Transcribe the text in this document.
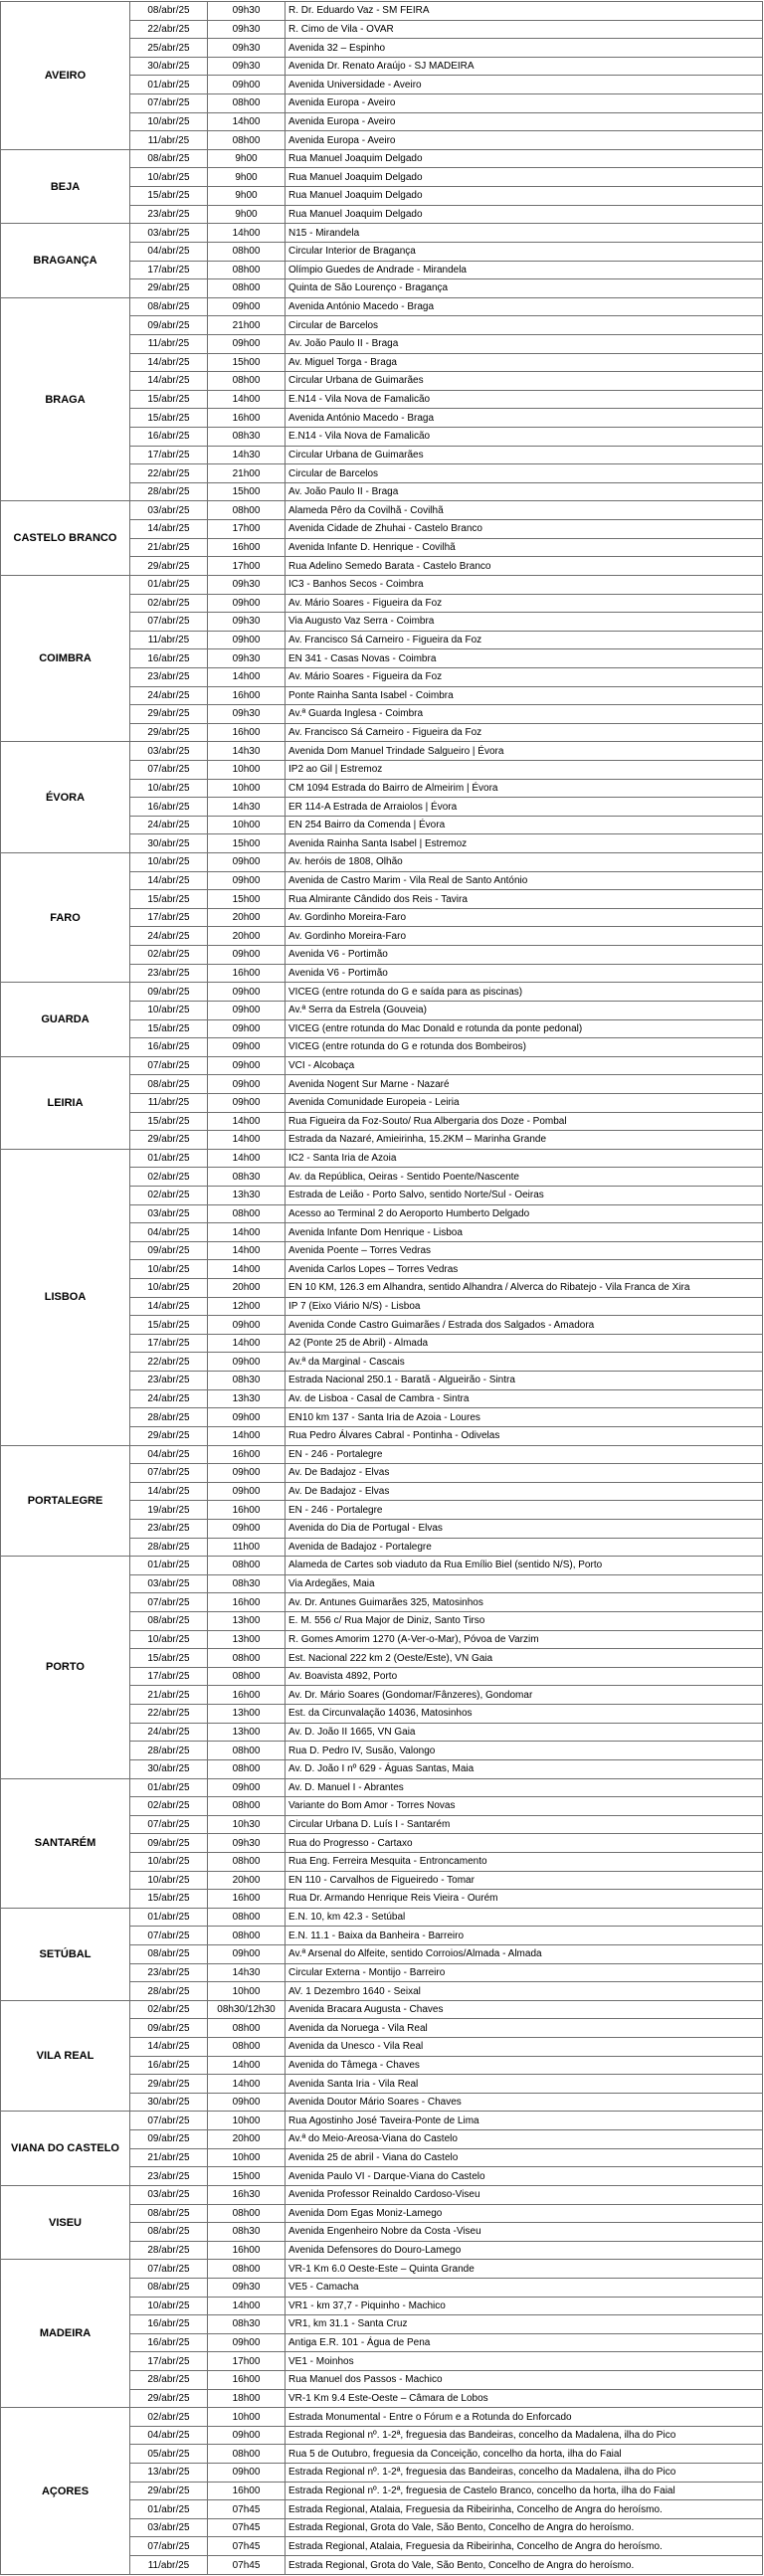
AVEIRO	08/abr/25	09h30	R. Dr. Eduardo Vaz - SM FEIRA
	22/abr/25	09h30	R. Cimo de Vila - OVAR
	25/abr/25	09h30	Avenida 32 – Espinho
	30/abr/25	09h30	Avenida Dr. Renato Araújo - SJ MADEIRA
	01/abr/25	09h00	Avenida Universidade - Aveiro
	07/abr/25	08h00	Avenida Europa - Aveiro
	10/abr/25	14h00	Avenida Europa - Aveiro
	11/abr/25	08h00	Avenida Europa - Aveiro
BEJA	08/abr/25	9h00	Rua Manuel Joaquim Delgado
	10/abr/25	9h00	Rua Manuel Joaquim Delgado
	15/abr/25	9h00	Rua Manuel Joaquim Delgado
	23/abr/25	9h00	Rua Manuel Joaquim Delgado
BRAGANÇA	03/abr/25	14h00	N15 - Mirandela
	04/abr/25	08h00	Circular Interior de Bragança
	17/abr/25	08h00	Olímpio Guedes de Andrade - Mirandela
	29/abr/25	08h00	Quinta de São Lourenço - Bragança
BRAGA	08/abr/25	09h00	Avenida António Macedo - Braga
	09/abr/25	21h00	Circular de Barcelos
	11/abr/25	09h00	Av. João Paulo II - Braga
	14/abr/25	15h00	Av. Miguel Torga - Braga
	14/abr/25	08h00	Circular Urbana de Guimarães
	15/abr/25	14h00	E.N14 - Vila Nova de Famalicão
	15/abr/25	16h00	Avenida António Macedo - Braga
	16/abr/25	08h30	E.N14 - Vila Nova de Famalicão
	17/abr/25	14h30	Circular Urbana de Guimarães
	22/abr/25	21h00	Circular de Barcelos
	28/abr/25	15h00	Av. João Paulo II - Braga
CASTELO BRANCO	03/abr/25	08h00	Alameda Pêro da Covilhã - Covilhã
	14/abr/25	17h00	Avenida Cidade de Zhuhai - Castelo Branco
	21/abr/25	16h00	Avenida Infante D. Henrique - Covilhã
	29/abr/25	17h00	Rua Adelino Semedo Barata - Castelo Branco
COIMBRA	01/abr/25	09h30	IC3 - Banhos Secos - Coimbra
	02/abr/25	09h00	Av. Mário Soares - Figueira da Foz
	07/abr/25	09h30	Via Augusto Vaz Serra - Coimbra
	11/abr/25	09h00	Av. Francisco Sá Carneiro - Figueira da Foz
	16/abr/25	09h30	EN 341 - Casas Novas - Coimbra
	23/abr/25	14h00	Av. Mário Soares - Figueira da Foz
	24/abr/25	16h00	Ponte Rainha Santa Isabel - Coimbra
	29/abr/25	09h30	Av.ª Guarda Inglesa - Coimbra
	29/abr/25	16h00	Av. Francisco Sá Carneiro - Figueira da Foz
ÉVORA	03/abr/25	14h30	Avenida Dom Manuel Trindade Salgueiro | Évora
	07/abr/25	10h00	IP2 ao Gil | Estremoz
	10/abr/25	10h00	CM 1094 Estrada do Bairro de Almeirim | Évora
	16/abr/25	14h30	ER 114-A Estrada de Arraiolos | Évora
	24/abr/25	10h00	EN 254 Bairro da Comenda | Évora
	30/abr/25	15h00	Avenida Rainha Santa Isabel | Estremoz
FARO	10/abr/25	09h00	Av. heróis de 1808, Olhão
	14/abr/25	09h00	Avenida de Castro Marim - Vila Real de Santo António
	15/abr/25	15h00	Rua Almirante Cândido dos Reis - Tavira
	17/abr/25	20h00	Av. Gordinho Moreira-Faro
	24/abr/25	20h00	Av. Gordinho Moreira-Faro
	02/abr/25	09h00	Avenida V6 - Portimão
	23/abr/25	16h00	Avenida V6 - Portimão
GUARDA	09/abr/25	09h00	VICEG (entre rotunda do G e saída para as piscinas)
	10/abr/25	09h00	Av.ª Serra da Estrela (Gouveia)
	15/abr/25	09h00	VICEG (entre rotunda do Mac Donald e rotunda da ponte pedonal)
	16/abr/25	09h00	VICEG (entre rotunda do G e rotunda dos Bombeiros)
LEIRIA	07/abr/25	09h00	VCI - Alcobaça
	08/abr/25	09h00	Avenida Nogent Sur Marne - Nazaré
	11/abr/25	09h00	Avenida Comunidade Europeia - Leiria
	15/abr/25	14h00	Rua Figueira da Foz-Souto/ Rua Albergaria dos Doze - Pombal
	29/abr/25	14h00	Estrada da Nazaré, Amieirinha, 15.2KM – Marinha Grande
LISBOA	01/abr/25	14h00	IC2 - Santa Iria de Azoia
	02/abr/25	08h30	Av. da República, Oeiras - Sentido Poente/Nascente
	02/abr/25	13h30	Estrada de Leião - Porto Salvo, sentido Norte/Sul - Oeiras
	03/abr/25	08h00	Acesso ao Terminal 2 do Aeroporto Humberto Delgado
	04/abr/25	14h00	Avenida Infante Dom Henrique - Lisboa
	09/abr/25	14h00	Avenida Poente – Torres Vedras
	10/abr/25	14h00	Avenida Carlos Lopes – Torres Vedras
	10/abr/25	20h00	EN 10 KM, 126.3 em Alhandra, sentido Alhandra / Alverca do Ribatejo - Vila Franca de Xira
	14/abr/25	12h00	IP 7 (Eixo Viário N/S) - Lisboa
	15/abr/25	09h00	Avenida Conde Castro Guimarães / Estrada dos Salgados - Amadora
	17/abr/25	14h00	A2 (Ponte 25 de Abril) - Almada
	22/abr/25	09h00	Av.ª da Marginal - Cascais
	23/abr/25	08h30	Estrada Nacional 250.1 - Baratã - Algueirão - Sintra
	24/abr/25	13h30	Av. de Lisboa - Casal de Cambra - Sintra
	28/abr/25	09h00	EN10 km 137 - Santa Iria de Azoia - Loures
	29/abr/25	14h00	Rua Pedro Álvares Cabral - Pontinha - Odivelas
PORTALEGRE	04/abr/25	16h00	EN - 246 - Portalegre
	07/abr/25	09h00	Av. De Badajoz - Elvas
	14/abr/25	09h00	Av. De Badajoz - Elvas
	19/abr/25	16h00	EN - 246 - Portalegre
	23/abr/25	09h00	Avenida do Dia de Portugal - Elvas
	28/abr/25	11h00	Avenida de Badajoz - Portalegre
PORTO	01/abr/25	08h00	Alameda de Cartes sob viaduto da Rua Emílio Biel (sentido N/S), Porto
	03/abr/25	08h30	Via Ardegães, Maia
	07/abr/25	16h00	Av. Dr. Antunes Guimarães 325, Matosinhos
	08/abr/25	13h00	E. M. 556 c/ Rua Major de Diniz, Santo Tirso
	10/abr/25	13h00	R. Gomes Amorim 1270 (A-Ver-o-Mar), Póvoa de Varzim
	15/abr/25	08h00	Est. Nacional 222 km 2 (Oeste/Este), VN Gaia
	17/abr/25	08h00	Av. Boavista 4892, Porto
	21/abr/25	16h00	Av. Dr. Mário Soares (Gondomar/Fânzeres), Gondomar
	22/abr/25	13h00	Est. da Circunvalação 14036, Matosinhos
	24/abr/25	13h00	Av. D. João II 1665, VN Gaia
	28/abr/25	08h00	Rua D. Pedro IV, Susão, Valongo
	30/abr/25	08h00	Av. D. João I nº 629 - Águas Santas, Maia
SANTARÉM	01/abr/25	09h00	Av. D. Manuel I - Abrantes
	02/abr/25	08h00	Variante do Bom Amor - Torres Novas
	07/abr/25	10h30	Circular Urbana D. Luís I - Santarém
	09/abr/25	09h30	Rua do Progresso - Cartaxo
	10/abr/25	08h00	Rua Eng. Ferreira Mesquita - Entroncamento
	10/abr/25	20h00	EN 110 - Carvalhos de Figueiredo - Tomar
	15/abr/25	16h00	Rua Dr. Armando Henrique Reis Vieira - Ourém
SETÚBAL	01/abr/25	08h00	E.N. 10, km 42.3 - Setúbal
	07/abr/25	08h00	E.N. 11.1 - Baixa da Banheira - Barreiro
	08/abr/25	09h00	Av.ª Arsenal do Alfeite, sentido Corroios/Almada - Almada
	23/abr/25	14h30	Circular Externa - Montijo - Barreiro
	28/abr/25	10h00	AV. 1 Dezembro 1640 - Seixal
VILA REAL	02/abr/25	08h30/12h30	Avenida Bracara Augusta - Chaves
	09/abr/25	08h00	Avenida da Noruega - Vila Real
	14/abr/25	08h00	Avenida da Unesco - Vila Real
	16/abr/25	14h00	Avenida do Tâmega - Chaves
	29/abr/25	14h00	Avenida Santa Iria - Vila Real
	30/abr/25	09h00	Avenida Doutor Mário Soares - Chaves
VIANA DO CASTELO	07/abr/25	10h00	Rua Agostinho José Taveira-Ponte de Lima
	09/abr/25	20h00	Av.ª do Meio-Areosa-Viana do Castelo
	21/abr/25	10h00	Avenida 25 de abril - Viana do Castelo
	23/abr/25	15h00	Avenida Paulo VI - Darque-Viana do Castelo
VISEU	03/abr/25	16h30	Avenida Professor Reinaldo Cardoso-Viseu
	08/abr/25	08h00	Avenida Dom Egas Moniz-Lamego
	08/abr/25	08h30	Avenida Engenheiro Nobre da Costa -Viseu
	28/abr/25	16h00	Avenida Defensores do Douro-Lamego
MADEIRA	07/abr/25	08h00	VR-1 Km 6.0 Oeste-Este – Quinta Grande
	08/abr/25	09h30	VE5 - Camacha
	10/abr/25	14h00	VR1 - km 37,7 - Piquinho - Machico
	16/abr/25	08h30	VR1, km 31.1 - Santa Cruz
	16/abr/25	09h00	Antiga E.R. 101 - Água de Pena
	17/abr/25	17h00	VE1 - Moinhos
	28/abr/25	16h00	Rua Manuel dos Passos - Machico
	29/abr/25	18h00	VR-1 Km 9.4 Este-Oeste – Câmara de Lobos
AÇORES	02/abr/25	10h00	Estrada Monumental - Entre o Fórum e a Rotunda do Enforcado
	04/abr/25	09h00	Estrada Regional nº. 1-2ª, freguesia das Bandeiras, concelho da Madalena, ilha do Pico
	05/abr/25	08h00	Rua 5 de Outubro, freguesia da Conceição, concelho da horta, ilha do Faial
	13/abr/25	09h00	Estrada Regional nº. 1-2ª, freguesia das Bandeiras, concelho da Madalena, ilha do Pico
	29/abr/25	16h00	Estrada Regional nº. 1-2ª, freguesia de Castelo Branco, concelho da horta, ilha do Faial
	01/abr/25	07h45	Estrada Regional, Atalaia, Freguesia da Ribeirinha, Concelho de Angra do heroísmo.
	03/abr/25	07h45	Estrada Regional, Grota do Vale, São Bento, Concelho de Angra do heroísmo.
	07/abr/25	07h45	Estrada Regional, Atalaia, Freguesia da Ribeirinha, Concelho de Angra do heroísmo.
	11/abr/25	07h45	Estrada Regional, Grota do Vale, São Bento, Concelho de Angra do heroísmo.
